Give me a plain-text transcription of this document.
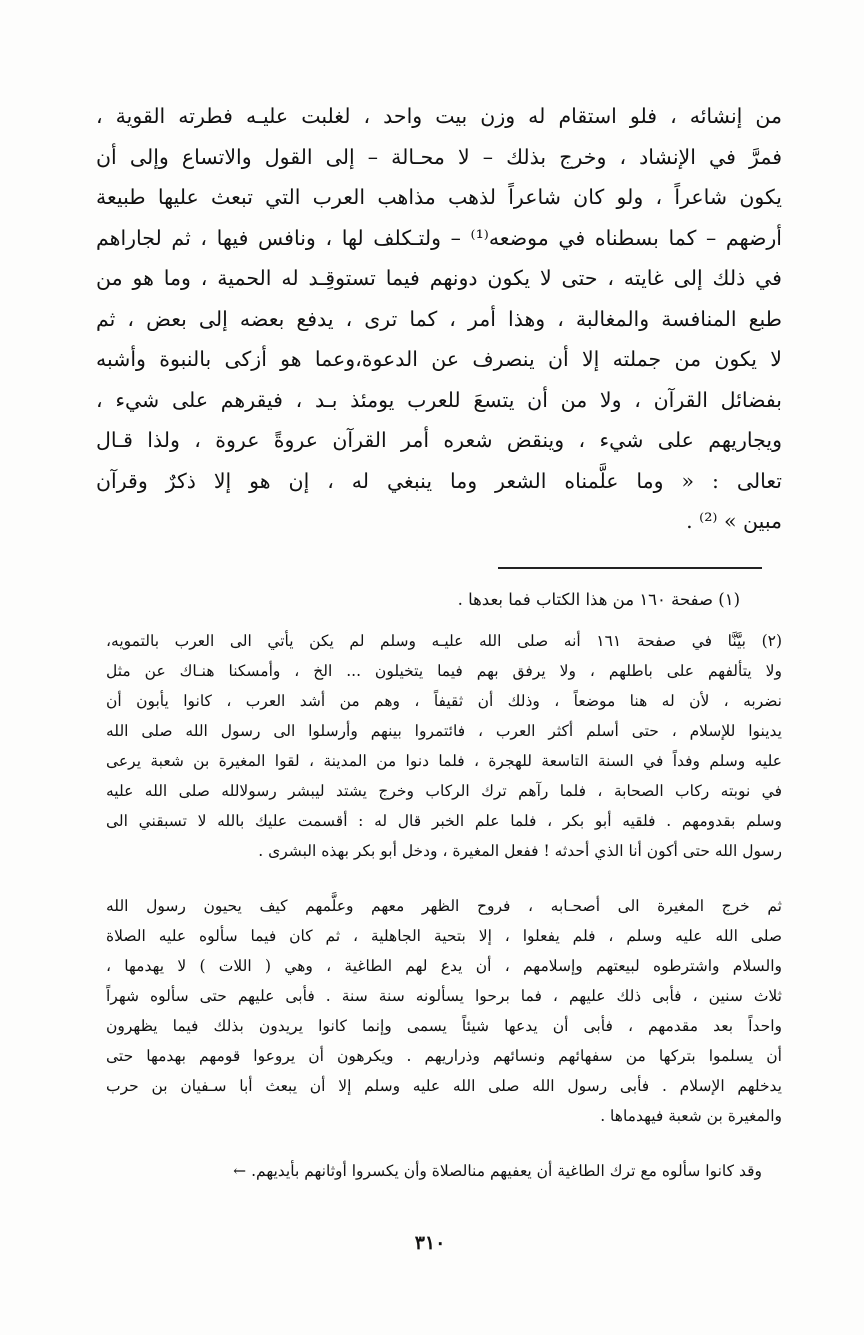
من إنشائه ، فلو استقام له وزن بيت واحد ، لغلبت عليـه فطرته القوية ،
فمرَّ في الإنشاد ، وخرج بذلك – لا محـالة – إلى القول والاتساع وإلى أن
يكون شاعراً ، ولو كان شاعراً لذهب مذاهب العرب التي تبعث عليها طبيعة
أرضهم – كما بسطناه في موضعه⁽¹⁾ – ولتـكلف لها ، ونافس فيها ، ثم لجاراهم
في ذلك إلى غايته ، حتى لا يكون دونهم فيما تستوقِـد له الحمية ، وما هو من
طبع المنافسة والمغالبة ، وهذا أمر ، كما ترى ، يدفع بعضه إلى بعض ، ثم
لا يكون من جملته إلا أن ينصرف عن الدعوة،وعما هو أزكى بالنبوة وأشبه
بفضائل القرآن ، ولا من أن يتسعَ للعرب يومئذ بـد ، فيقرهم على شيء ،
ويجاريهم على شيء ، وينقض شعره أمر القرآن عروةً عروة ، ولذا قـال
تعالى : « وما علَّمناه الشعر وما ينبغي له ، إن هو إلا ذكرٌ وقرآن
مبين » ⁽²⁾ .
(١) صفحة ١٦٠ من هذا الكتاب فما بعدها .
(٢) بيَّنَّا في صفحة ١٦١ أنه صلى الله عليـه وسلم لم يكن يأتي الى العرب بالتمويه،
ولا يتألفهم على باطلهم ، ولا يرفق بهم فيما يتخيلون ... الخ ، وأمسكنا هنـاك عن مثل
نضربه ، لأن له هنا موضعاً ، وذلك أن ثقيفاً ، وهم من أشد العرب ، كانوا يأبون أن
يدينوا للإسلام ، حتى أسلم أكثر العرب ، فائتمروا بينهم وأرسلوا الى رسول الله صلى الله
عليه وسلم وفداً في السنة التاسعة للهجرة ، فلما دنوا من المدينة ، لقوا المغيرة بن شعبة يرعى
في نوبته ركاب الصحابة ، فلما رآهم ترك الركاب وخرج يشتد ليبشر رسولالله صلى الله عليه
وسلم بقدومهم . فلقيه أبو بكر ، فلما علم الخبر قال له : أقسمت عليك بالله لا تسبقني الى
رسول الله حتى أكون أنا الذي أحدثه ! ففعل المغيرة ، ودخل أبو بكر بهذه البشرى .
ثم خرج المغيرة الى أصحـابه ، فروح الظهر معهم وعلَّمهم كيف يحيون رسول الله
صلى الله عليه وسلم ، فلم يفعلوا ، إلا بتحية الجاهلية ، ثم كان فيما سألوه عليه الصلاة
والسلام واشترطوه لبيعتهم وإسلامهم ، أن يدع لهم الطاغية ، وهي ( اللات ) لا يهدمها ،
ثلاث سنين ، فأبى ذلك عليهم ، فما برحوا يسألونه سنة سنة . فأبى عليهم حتى سألوه شهراً
واحداً بعد مقدمهم ، فأبى أن يدعها شيئاً يسمى وإنما كانوا يريدون بذلك فيما يظهرون
أن يسلموا بتركها من سفهائهم ونسائهم وذراريهم . ويكرهون أن يروعوا قومهم بهدمها حتى
يدخلهم الإسلام . فأبى رسول الله صلى الله عليه وسلم إلا أن يبعث أبا سـفيان بن حرب
والمغيرة بن شعبة فيهدماها .
وقد كانوا سألوه مع ترك الطاغية أن يعفيهم منالصلاة وأن يكسروا أوثانهم بأيديهم. ←
٣١٠
